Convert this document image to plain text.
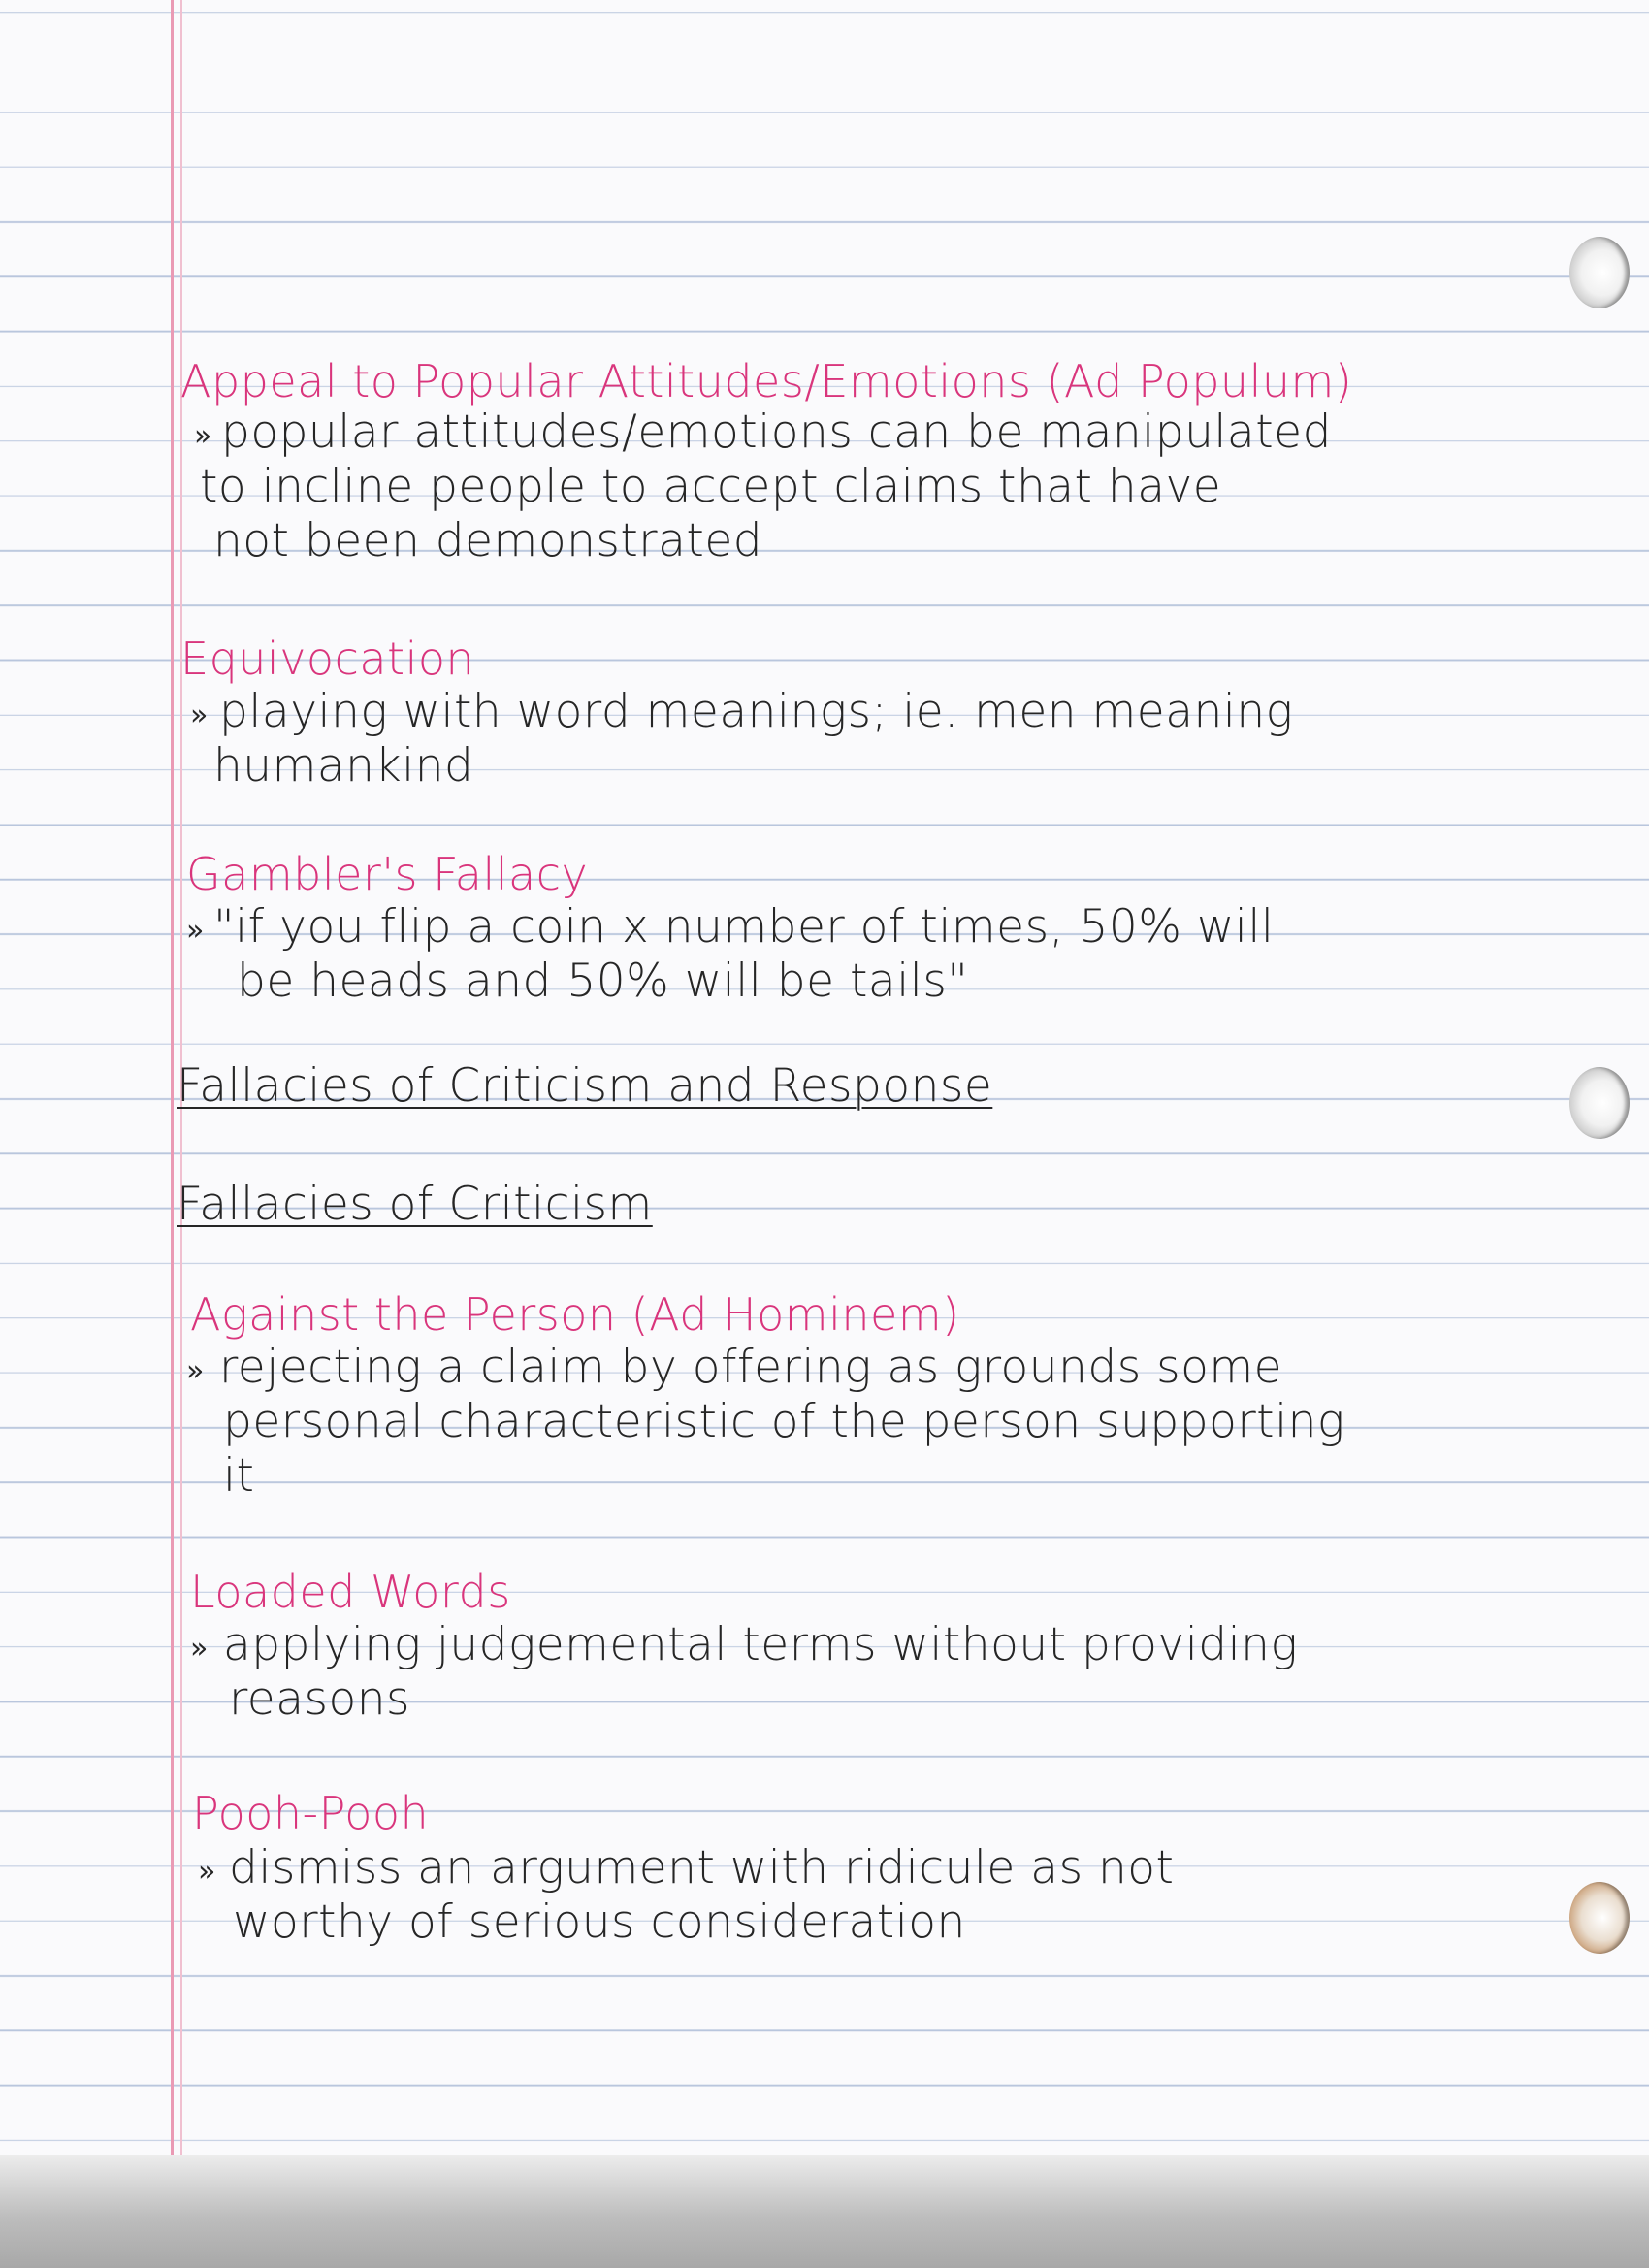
Appeal to Popular Attitudes/Emotions (Ad Populum)
» popular attitudes/emotions can be manipulated
to incline people to accept claims that have
not been demonstrated
Equivocation
» playing with word meanings; ie. men meaning
humankind
Gambler's Fallacy
» "if you flip a coin x number of times, 50% will
be heads and 50% will be tails"
Fallacies of Criticism and Response
Fallacies of Criticism
Against the Person (Ad Hominem)
» rejecting a claim by offering as grounds some
personal characteristic of the person supporting
it
Loaded Words
» applying judgemental terms without providing
reasons
Pooh-Pooh
» dismiss an argument with ridicule as not
worthy of serious consideration
